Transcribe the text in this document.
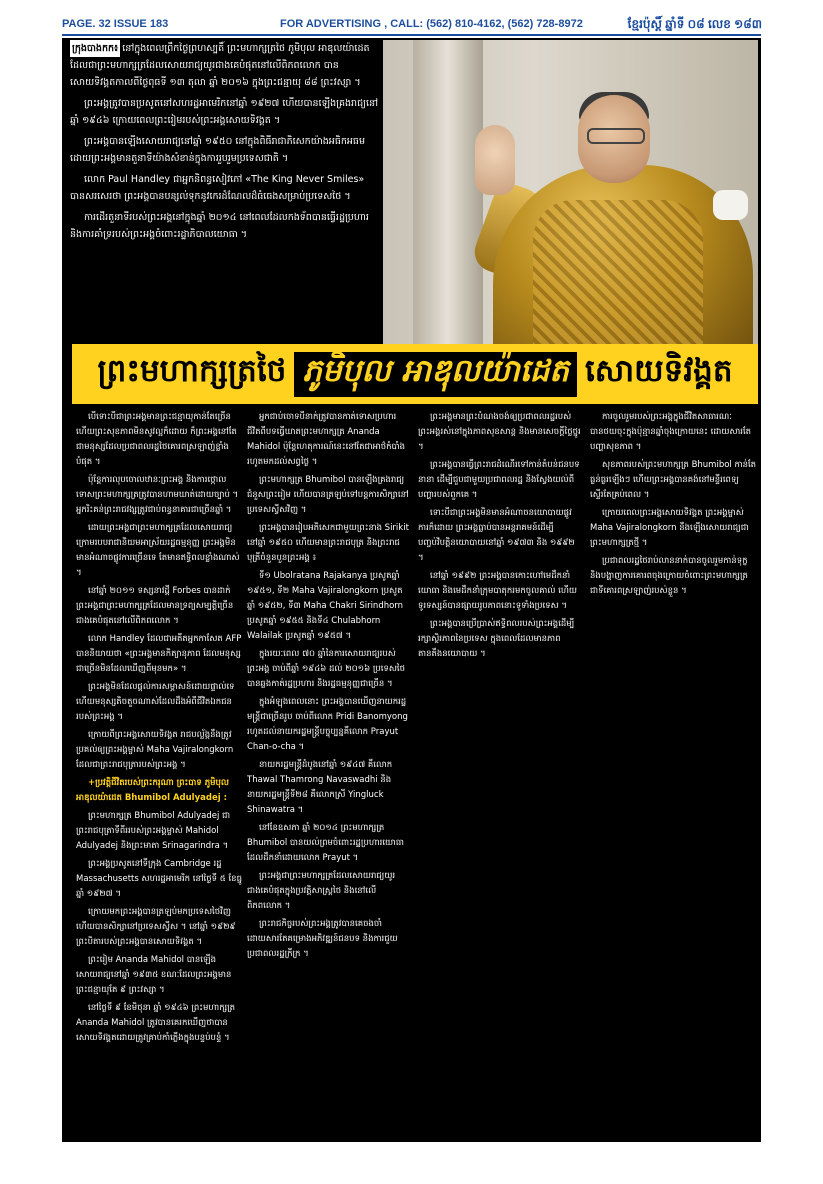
PAGE. 32 ISSUE 183	FOR ADVERTISING , CALL: (562) 810-4162, (562) 728-8972	ខ្មែរប៉ុស្តិ៍ ឆ្នាំទី ០៨ លេខ ១៨៣

ក្រុងបាងកក៖ នៅក្នុងពេលព្រឹកថ្ងៃព្រហស្បតិ៍ ព្រះមហាក្សត្រថៃ ភូមិបុល អាឌុលយ៉ាដេត ដែលជាព្រះមហាក្សត្រដែលសោយរាជ្យយូរជាងគេបំផុតនៅលើពិភពលោក បានសោយទិវង្គតកាលពីថ្ងៃពុធទី ១៣ តុលា ឆ្នាំ ២០១៦ ក្នុងព្រះជន្មាយុ ៨៨ ព្រះវស្សា ។

ព្រះអង្គត្រូវបានប្រសូតនៅសហរដ្ឋអាមេរិកនៅឆ្នាំ ១៩២៧ ហើយបានឡើងគ្រងរាជ្យនៅឆ្នាំ ១៩៤៦ ក្រោយពេលព្រះរៀមរបស់ព្រះអង្គសោយទិវង្គត ។

ព្រះអង្គបានឡើងសោយរាជ្យនៅឆ្នាំ ១៩៥០ នៅក្នុងពិធីរាជាភិសេកយ៉ាងអធិកអធម ដោយព្រះអង្គមានតួនាទីយ៉ាងសំខាន់ក្នុងការរួបរួមប្រទេសជាតិ ។

លោក Paul Handley ជាអ្នកនិពន្ធសៀវភៅ «The King Never Smiles» បានសរសេរថា ព្រះអង្គបានបន្សល់ទុកនូវកេរដំណែលដ៏ធំធេងសម្រាប់ប្រទេសថៃ ។

ការដើរតួនាទីរបស់ព្រះអង្គនៅក្នុងឆ្នាំ ២០១៤ នៅពេលដែលកងទ័ពបានធ្វើរដ្ឋប្រហារ និងការគាំទ្ររបស់ព្រះអង្គចំពោះរដ្ឋាភិបាលយោធា ។

ព្រះមហាក្សត្រថៃ ភូមិបុល អាឌុលយ៉ាដេត សោយទិវង្គត

បើទោះបីជាព្រះអង្គមានព្រះជន្មាយុកាន់តែច្រើន ហើយព្រះសុខភាពមិនសូវល្អក៏ដោយ ក៏ព្រះអង្គនៅតែជាមនុស្សដែលប្រជាពលរដ្ឋថៃគោរពស្រឡាញ់ខ្លាំងបំផុត ។

ប៉ុន្តែការលុបចោលឋានៈព្រះអង្គ និងការថ្កោលទោសព្រះមហាក្សត្រត្រូវបានហាមឃាត់ដោយច្បាប់ ។ អ្នករិះគន់ព្រះរាជវង្សត្រូវជាប់ពន្ធនាគារជាច្រើនឆ្នាំ ។

ដោយព្រះអង្គជាព្រះមហាក្សត្រដែលសោយរាជ្យក្រោមរបបរាជានិយមអាស្រ័យរដ្ឋធម្មនុញ្ញ ព្រះអង្គមិនមានអំណាចផ្លូវការច្រើនទេ តែមានឥទ្ធិពលខ្លាំងណាស់ ។

នៅឆ្នាំ ២០១១ ទស្សនាវដ្តី Forbes បានដាក់ព្រះអង្គជាព្រះមហាក្សត្រដែលមានទ្រព្យសម្បត្តិច្រើនជាងគេបំផុតនៅលើពិភពលោក ។

លោក Handley ដែលជាអតីតអ្នកកាសែត AFP បាននិយាយថា «ព្រះអង្គមានកិត្យានុភាព ដែលមនុស្សជាច្រើនមិនដែលឃើញពីមុនមក» ។

ព្រះអង្គមិនដែលផ្តល់ការសម្ភាសន៍ដោយផ្ទាល់ទេ ហើយមនុស្សតិចតួចណាស់ដែលដឹងអំពីជីវិតឯកជនរបស់ព្រះអង្គ ។

ក្រោយពីព្រះអង្គសោយទិវង្គត រាជបល្ល័ង្កនឹងត្រូវប្រគល់ឲ្យព្រះអង្គម្ចាស់ Maha Vajiralongkorn ដែលជាព្រះរាជបុត្រារបស់ព្រះអង្គ ។

+ប្រវត្តិជីវិតរបស់ព្រះករុណា ព្រះបាទ ភូមិបុល អាឌុលយ៉ាដេត Bhumibol Adulyadej :

ព្រះមហាក្សត្រ Bhumibol Adulyadej ជាព្រះរាជបុត្រាទីពីររបស់ព្រះអង្គម្ចាស់ Mahidol Adulyadej និងព្រះមាតា Srinagarindra ។

ព្រះអង្គប្រសូតនៅទីក្រុង Cambridge រដ្ឋ Massachusetts សហរដ្ឋអាមេរិក នៅថ្ងៃទី ៥ ខែធ្នូ ឆ្នាំ ១៩២៧ ។

ក្រោយមកព្រះអង្គបានត្រឡប់មកប្រទេសថៃវិញ ហើយបានសិក្សានៅប្រទេសស្វីស ។ នៅឆ្នាំ ១៩២៩ ព្រះបិតារបស់ព្រះអង្គបានសោយទិវង្គត ។

ព្រះរៀម Ananda Mahidol បានឡើងសោយរាជ្យនៅឆ្នាំ ១៩៣៥ ខណៈដែលព្រះអង្គមានព្រះជន្មាយុតែ ៩ ព្រះវស្សា ។

នៅថ្ងៃទី ៩ ខែមិថុនា ឆ្នាំ ១៩៤៦ ព្រះមហាក្សត្រ Ananda Mahidol ត្រូវបានគេរកឃើញថាបានសោយទិវង្គតដោយត្រូវគ្រាប់កាំភ្លើងក្នុងបន្ទប់បន្ទំ ។

អ្នកជាប់ចោទបីនាក់ត្រូវបានកាត់ទោសប្រហារជីវិតពីបទធ្វើឃាតព្រះមហាក្សត្រ Ananda Mahidol ប៉ុន្តែហេតុការណ៍នេះនៅតែជាអាថ៌កំបាំងរហូតមកដល់សព្វថ្ងៃ ។

ព្រះមហាក្សត្រ Bhumibol បានឡើងគ្រងរាជ្យជំនួសព្រះរៀម ហើយបានត្រឡប់ទៅបន្តការសិក្សានៅប្រទេសស្វីសវិញ ។

ព្រះអង្គបានរៀបអភិសេកជាមួយព្រះនាង Sirikit នៅឆ្នាំ ១៩៥០ ហើយមានព្រះរាជបុត្រ និងព្រះរាជបុត្រីចំនួនបួនព្រះអង្គ ៖

ទី១ Ubolratana Rajakanya ប្រសូតឆ្នាំ ១៩៥១, ទី២ Maha Vajiralongkorn ប្រសូតឆ្នាំ ១៩៥២, ទី៣ Maha Chakri Sirindhorn ប្រសូតឆ្នាំ ១៩៥៥ និងទី៤ Chulabhorn Walailak ប្រសូតឆ្នាំ ១៩៥៧ ។

ក្នុងរយៈពេល ៧០ ឆ្នាំនៃការសោយរាជ្យរបស់ព្រះអង្គ ចាប់ពីឆ្នាំ ១៩៤៦ ដល់ ២០១៦ ប្រទេសថៃបានឆ្លងកាត់រដ្ឋប្រហារ និងរដ្ឋធម្មនុញ្ញជាច្រើន ។

ក្នុងអំឡុងពេលនោះ ព្រះអង្គបានឃើញនាយករដ្ឋមន្ត្រីជាច្រើនរូប ចាប់ពីលោក Pridi Banomyong រហូតដល់នាយករដ្ឋមន្ត្រីបច្ចុប្បន្នគឺលោក Prayut Chan-o-cha ។

នាយករដ្ឋមន្ត្រីដំបូងនៅឆ្នាំ ១៩៤៧ គឺលោក Thawal Thamrong Navaswadhi និងនាយករដ្ឋមន្ត្រីទី២៨ គឺលោកស្រី Yingluck Shinawatra ។

នៅខែឧសភា ឆ្នាំ ២០១៤ ព្រះមហាក្សត្រ Bhumibol បានយល់ព្រមចំពោះរដ្ឋប្រហារយោធាដែលដឹកនាំដោយលោក Prayut ។

ព្រះអង្គជាព្រះមហាក្សត្រដែលសោយរាជ្យយូរជាងគេបំផុតក្នុងប្រវត្តិសាស្ត្រថៃ និងនៅលើពិភពលោក ។

ព្រះរាជកិច្ចរបស់ព្រះអង្គត្រូវបានគេចងចាំ ដោយសារតែគម្រោងអភិវឌ្ឍន៍ជនបទ និងការជួយប្រជាពលរដ្ឋក្រីក្រ ។

ព្រះអង្គមានព្រះបំណងចង់ឲ្យប្រជាពលរដ្ឋរបស់ព្រះអង្គរស់នៅក្នុងភាពសុខសាន្ត និងមានសេចក្តីថ្លៃថ្នូរ ។

ព្រះអង្គបានធ្វើព្រះរាជដំណើរទៅកាន់តំបន់ជនបទនានា ដើម្បីជួបជាមួយប្រជាពលរដ្ឋ និងស្វែងយល់ពីបញ្ហារបស់ពួកគេ ។

ទោះបីជាព្រះអង្គមិនមានអំណាចនយោបាយផ្លូវការក៏ដោយ ព្រះអង្គធ្លាប់បានអន្តរាគមន៍ដើម្បីបញ្ចប់វិបត្តិនយោបាយនៅឆ្នាំ ១៩៧៣ និង ១៩៩២ ។

នៅឆ្នាំ ១៩៩២ ព្រះអង្គបានកោះហៅមេដឹកនាំយោធា និងមេដឹកនាំក្រុមបាតុករមកចូលគាល់ ហើយទូរទស្សន៍បានផ្សាយរូបភាពនោះទូទាំងប្រទេស ។

ព្រះអង្គបានប្រើប្រាស់ឥទ្ធិពលរបស់ព្រះអង្គដើម្បីរក្សាស្ថិរភាពនៃប្រទេស ក្នុងពេលដែលមានភាពតានតឹងនយោបាយ ។

ការចូលរួមរបស់ព្រះអង្គក្នុងជីវិតសាធារណៈបានថយចុះក្នុងប៉ុន្មានឆ្នាំចុងក្រោយនេះ ដោយសារតែបញ្ហាសុខភាព ។

សុខភាពរបស់ព្រះមហាក្សត្រ Bhumibol កាន់តែធ្ងន់ធ្ងរឡើងៗ ហើយព្រះអង្គបានគង់នៅមន្ទីរពេទ្យស្ទើរតែគ្រប់ពេល ។

ក្រោយពេលព្រះអង្គសោយទិវង្គត ព្រះអង្គម្ចាស់ Maha Vajiralongkorn នឹងឡើងសោយរាជ្យជាព្រះមហាក្សត្រថ្មី ។

ប្រជាពលរដ្ឋថៃរាប់លាននាក់បានចូលរួមកាន់ទុក្ខ និងបង្ហាញការគោរពចុងក្រោយចំពោះព្រះមហាក្សត្រជាទីគោរពស្រឡាញ់របស់ខ្លួន ។
